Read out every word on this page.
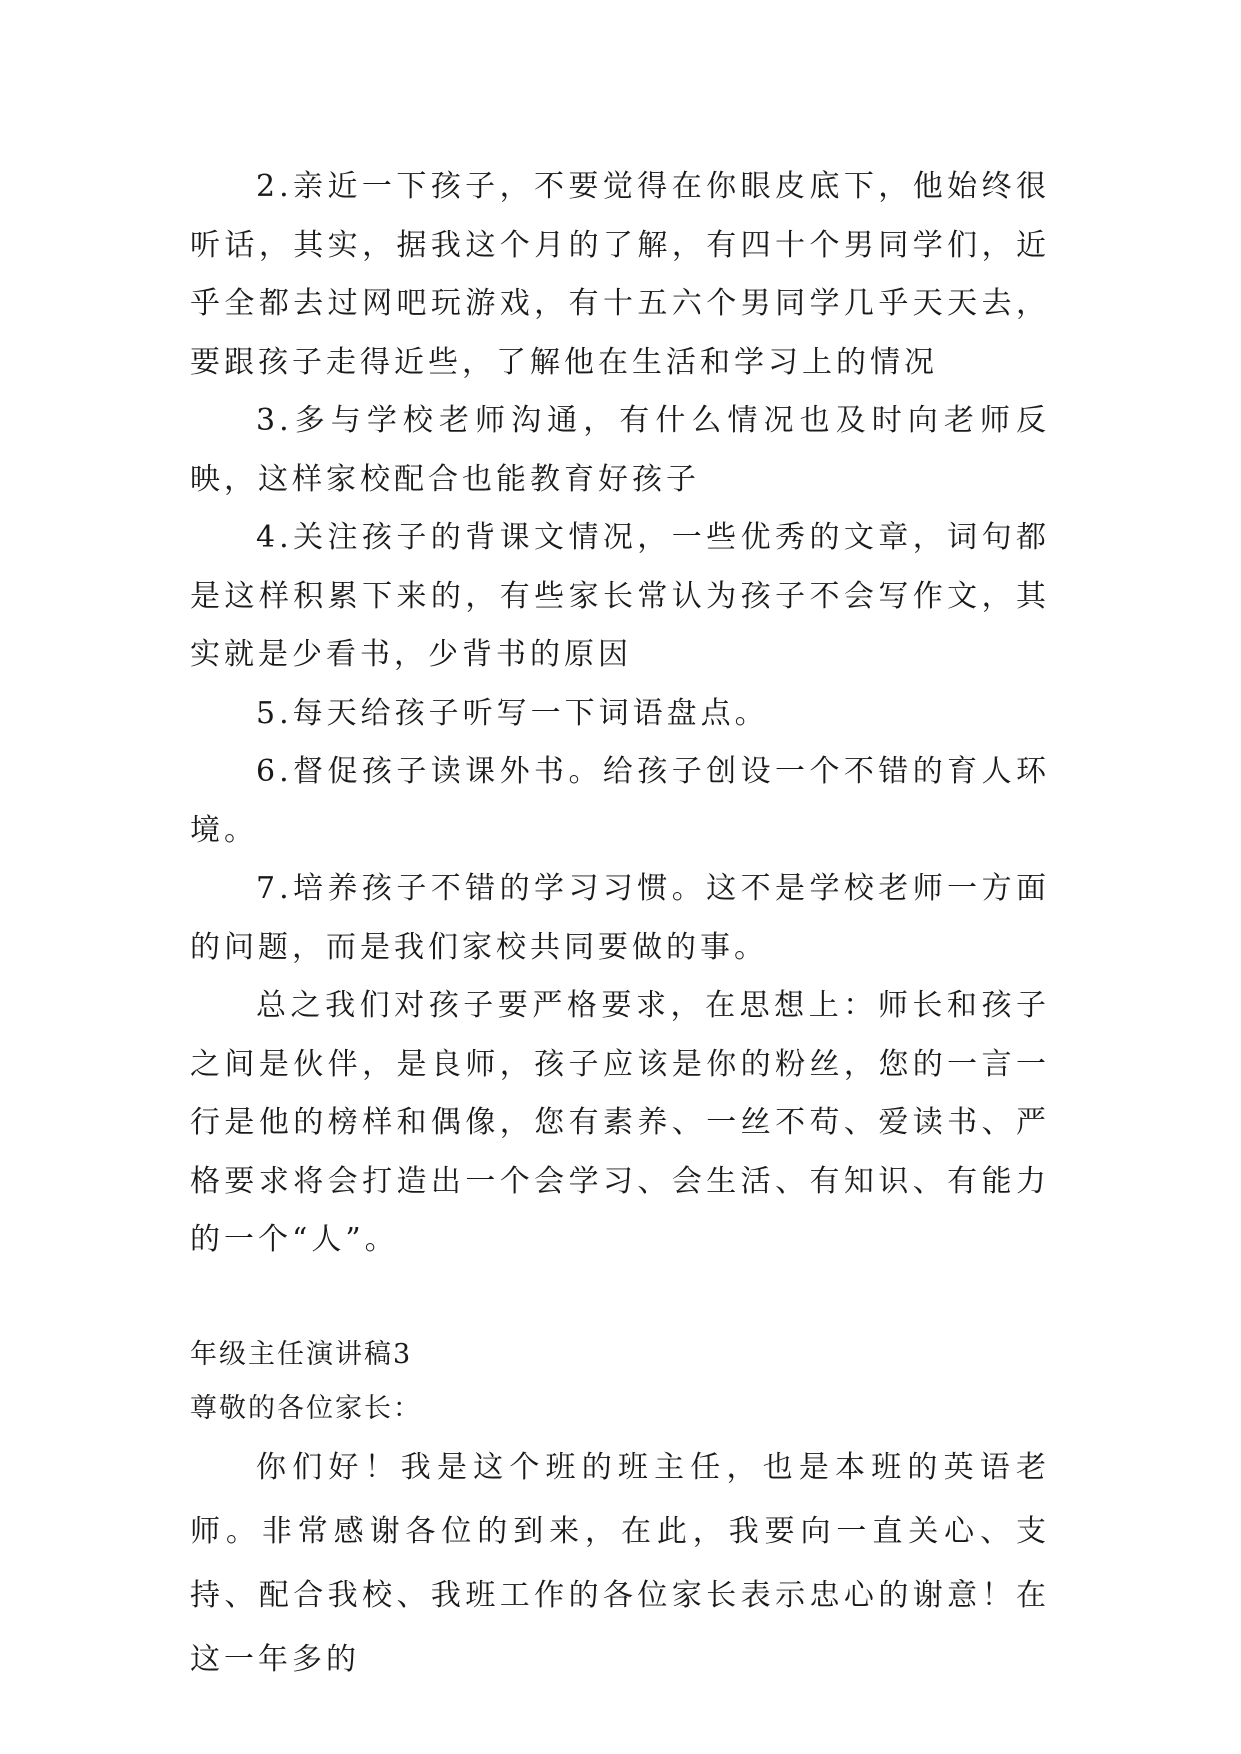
2.亲近一下孩子，不要觉得在你眼皮底下，他始终很听话，其实，据我这个月的了解，有四十个男同学们，近乎全都去过网吧玩游戏，有十五六个男同学几乎天天去，要跟孩子走得近些，了解他在生活和学习上的情况

3.多与学校老师沟通，有什么情况也及时向老师反映，这样家校配合也能教育好孩子

4.关注孩子的背课文情况，一些优秀的文章，词句都是这样积累下来的，有些家长常认为孩子不会写作文，其实就是少看书，少背书的原因

5.每天给孩子听写一下词语盘点。

6.督促孩子读课外书。给孩子创设一个不错的育人环境。

7.培养孩子不错的学习习惯。这不是学校老师一方面的问题，而是我们家校共同要做的事。

总之我们对孩子要严格要求，在思想上：师长和孩子之间是伙伴，是良师，孩子应该是你的粉丝，您的一言一行是他的榜样和偶像，您有素养、一丝不苟、爱读书、严格要求将会打造出一个会学习、会生活、有知识、有能力的一个“人”。

年级主任演讲稿3

尊敬的各位家长：

你们好！我是这个班的班主任，也是本班的英语老师。非常感谢各位的到来，在此，我要向一直关心、支持、配合我校、我班工作的各位家长表示忠心的谢意！在这一年多的
